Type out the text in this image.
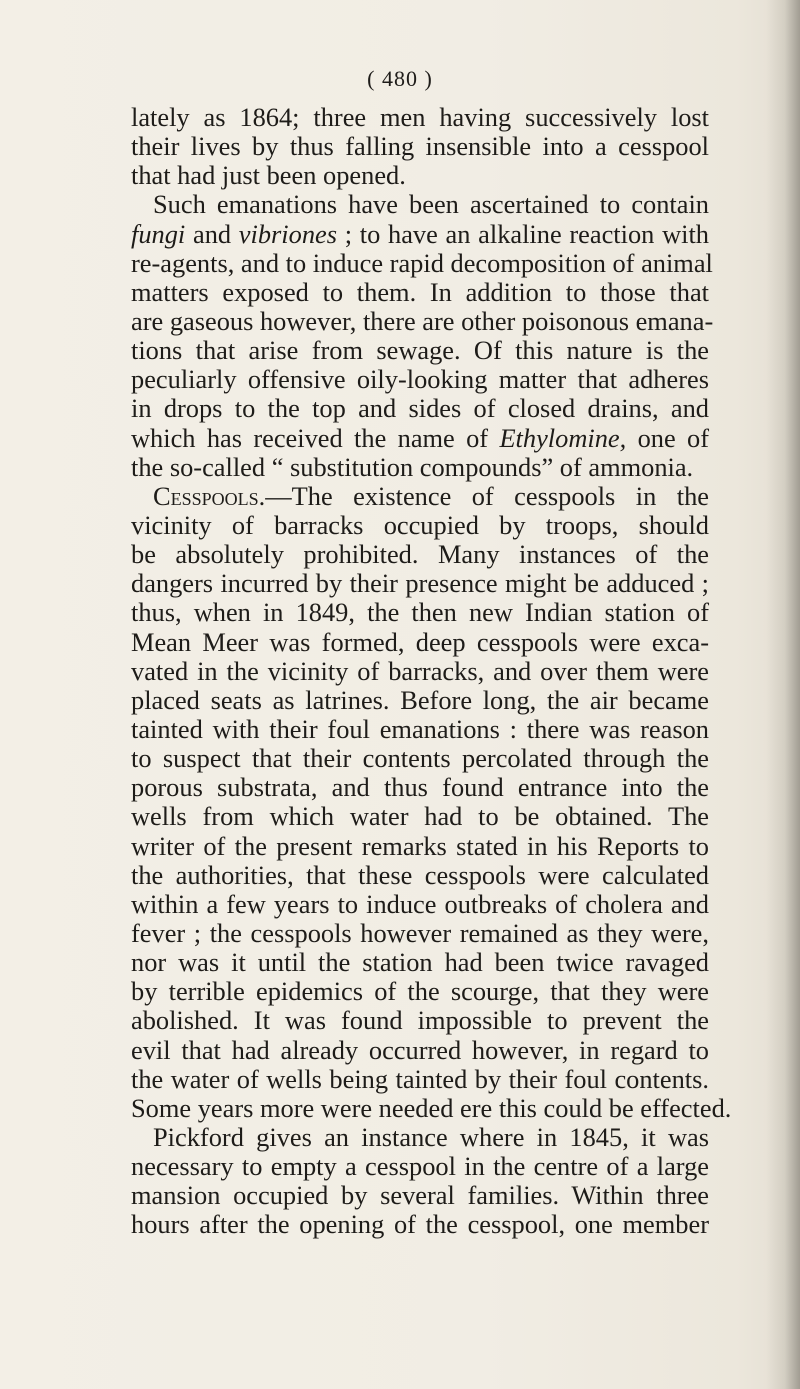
( 480 )
lately as 1864; three men having successively lost
their lives by thus falling insensible into a cesspool
that had just been opened.
Such emanations have been ascertained to contain
fungi and vibriones ; to have an alkaline reaction with
re-agents, and to induce rapid decomposition of animal
matters exposed to them. In addition to those that
are gaseous however, there are other poisonous emana-
tions that arise from sewage. Of this nature is the
peculiarly offensive oily-looking matter that adheres
in drops to the top and sides of closed drains, and
which has received the name of Ethylomine, one of
the so-called “ substitution compounds” of ammonia.
Cesspools.—The existence of cesspools in the
vicinity of barracks occupied by troops, should
be absolutely prohibited. Many instances of the
dangers incurred by their presence might be adduced ;
thus, when in 1849, the then new Indian station of
Mean Meer was formed, deep cesspools were exca-
vated in the vicinity of barracks, and over them were
placed seats as latrines. Before long, the air became
tainted with their foul emanations : there was reason
to suspect that their contents percolated through the
porous substrata, and thus found entrance into the
wells from which water had to be obtained. The
writer of the present remarks stated in his Reports to
the authorities, that these cesspools were calculated
within a few years to induce outbreaks of cholera and
fever ; the cesspools however remained as they were,
nor was it until the station had been twice ravaged
by terrible epidemics of the scourge, that they were
abolished. It was found impossible to prevent the
evil that had already occurred however, in regard to
the water of wells being tainted by their foul contents.
Some years more were needed ere this could be effected.
Pickford gives an instance where in 1845, it was
necessary to empty a cesspool in the centre of a large
mansion occupied by several families. Within three
hours after the opening of the cesspool, one member
